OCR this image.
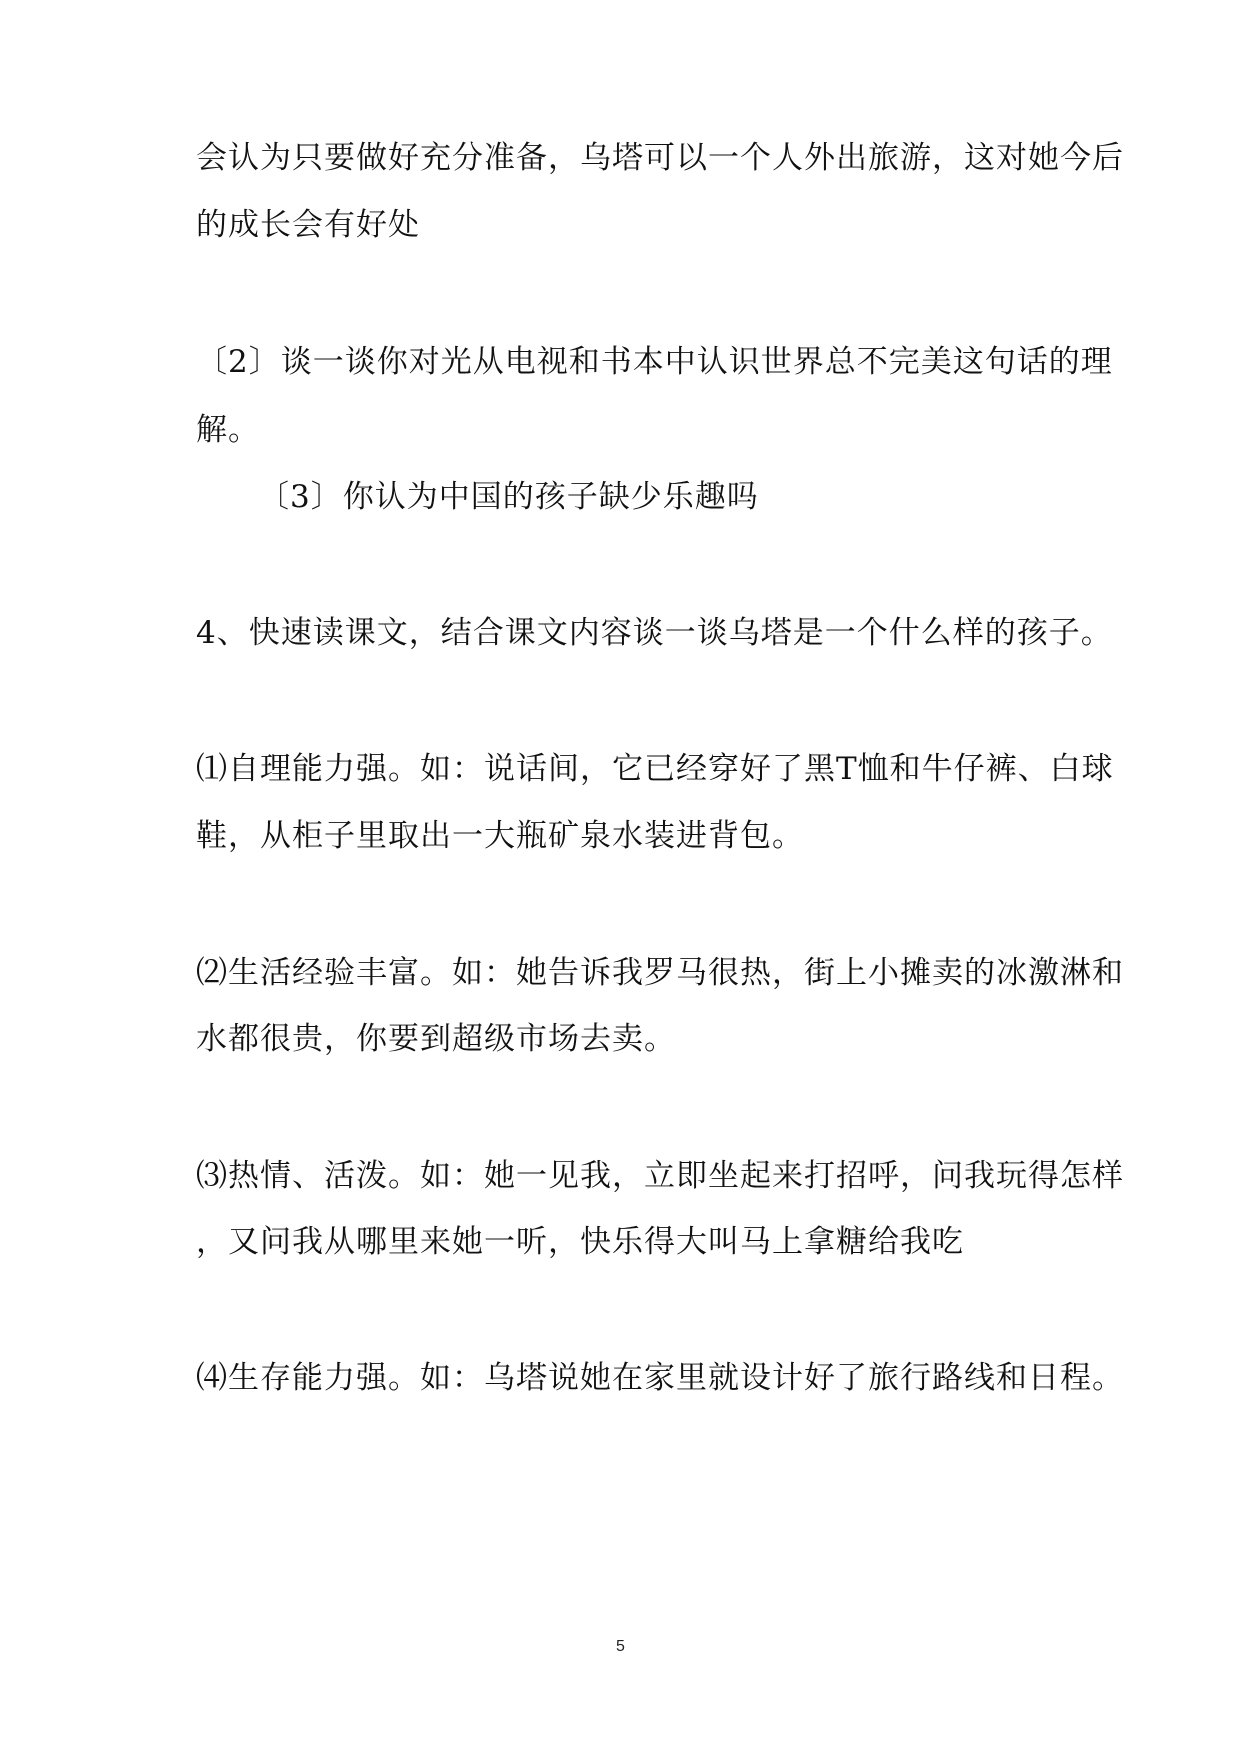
会认为只要做好充分准备，乌塔可以一个人外出旅游，这对她今后
的成长会有好处
〔2〕谈一谈你对光从电视和书本中认识世界总不完美这句话的理
解。
〔3〕你认为中国的孩子缺少乐趣吗
4、快速读课文，结合课文内容谈一谈乌塔是一个什么样的孩子。
⑴自理能力强。如：说话间，它已经穿好了黑T恤和牛仔裤、白球
鞋，从柜子里取出一大瓶矿泉水装进背包。
⑵生活经验丰富。如：她告诉我罗马很热，街上小摊卖的冰激淋和
水都很贵，你要到超级市场去卖。
⑶热情、活泼。如：她一见我，立即坐起来打招呼，问我玩得怎样
，又问我从哪里来她一听，快乐得大叫马上拿糖给我吃
⑷生存能力强。如：乌塔说她在家里就设计好了旅行路线和日程。
5
